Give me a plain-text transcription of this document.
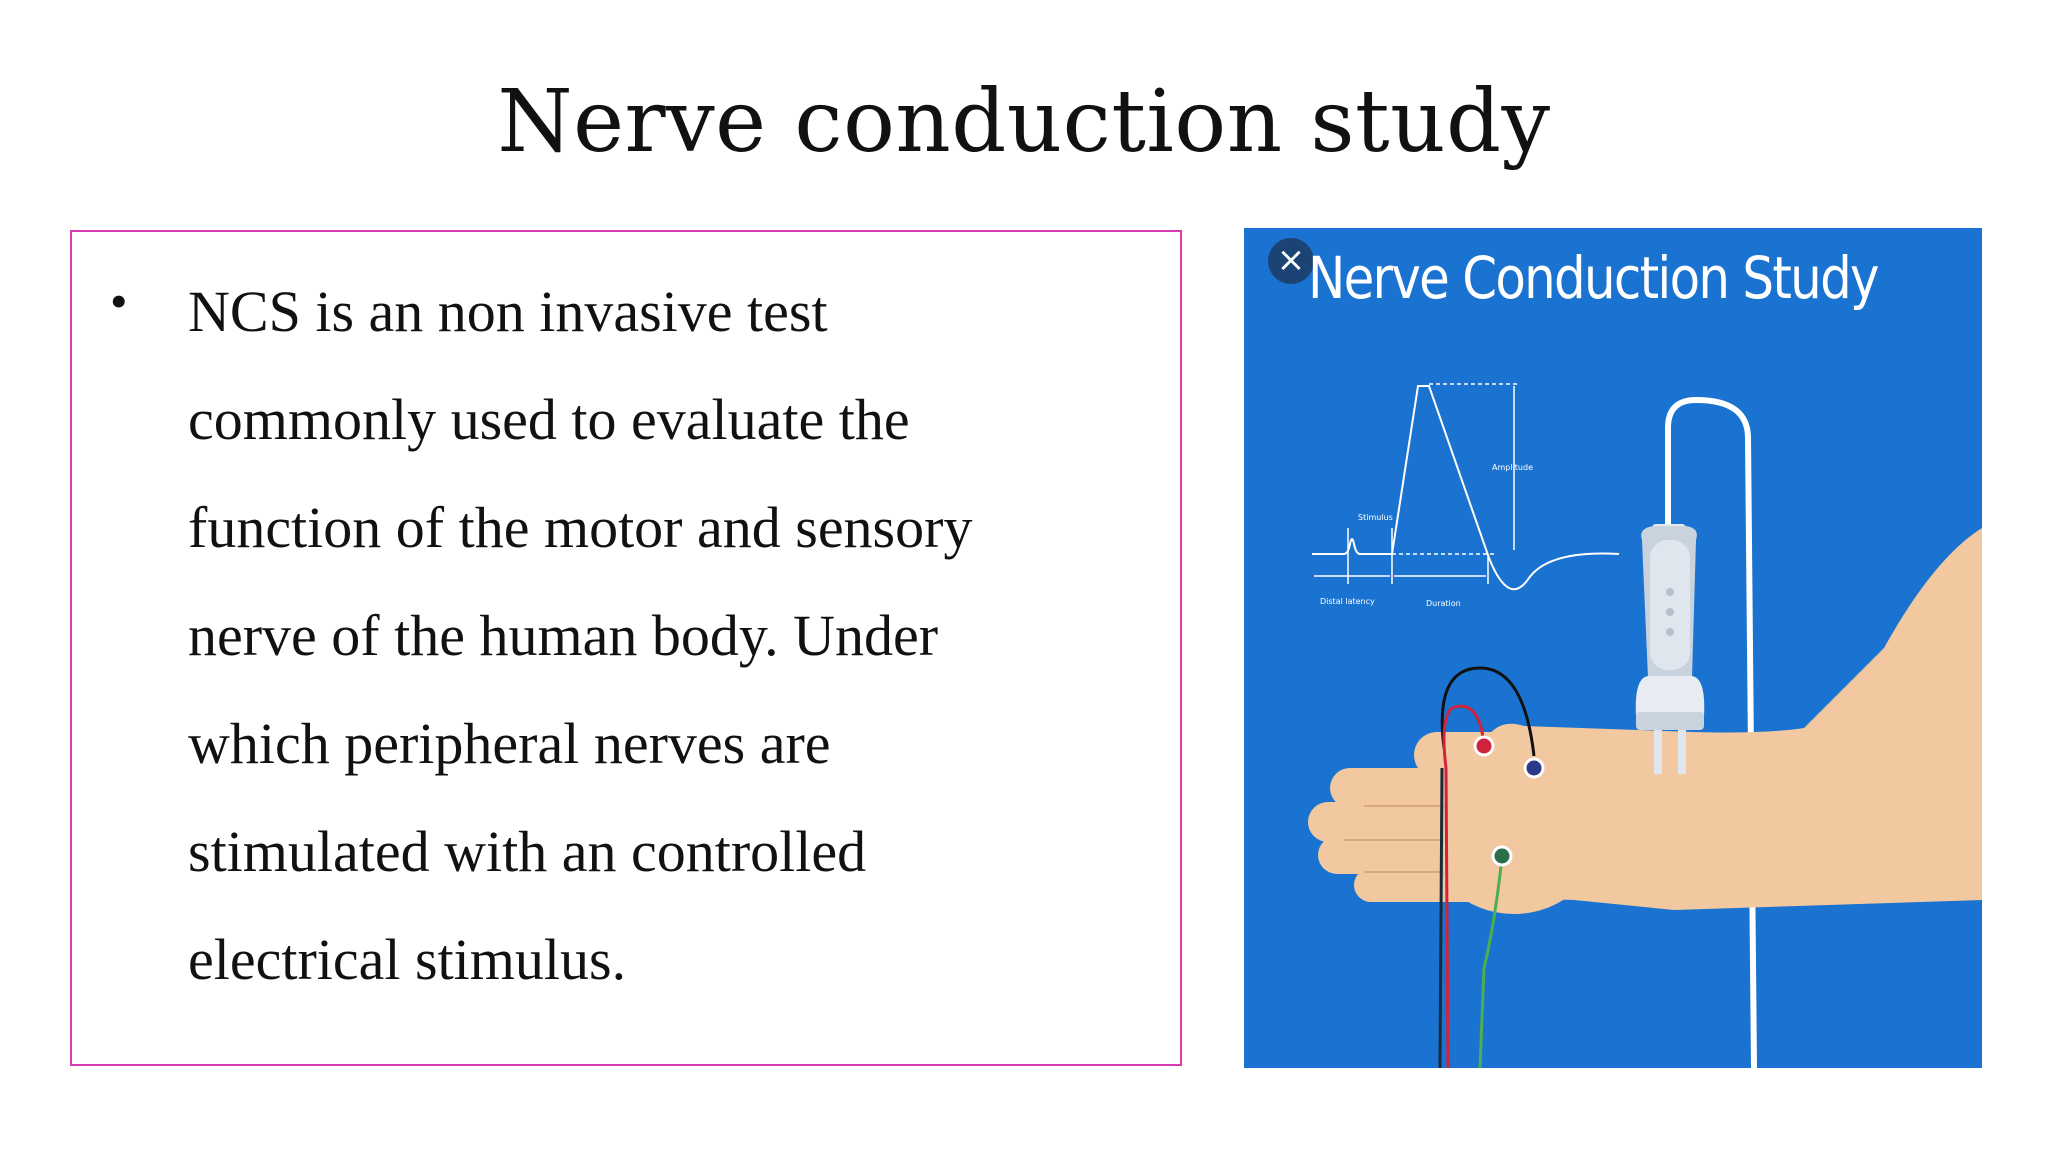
Nerve conduction study
• NCS is an non invasive test
commonly used to evaluate the
function of the motor and sensory
nerve of the human body. Under
which peripheral nerves are
stimulated with an controlled
electrical stimulus.
Amplitude
Stimulus
Distal latency	Duration
× Nerve Conduction Study
